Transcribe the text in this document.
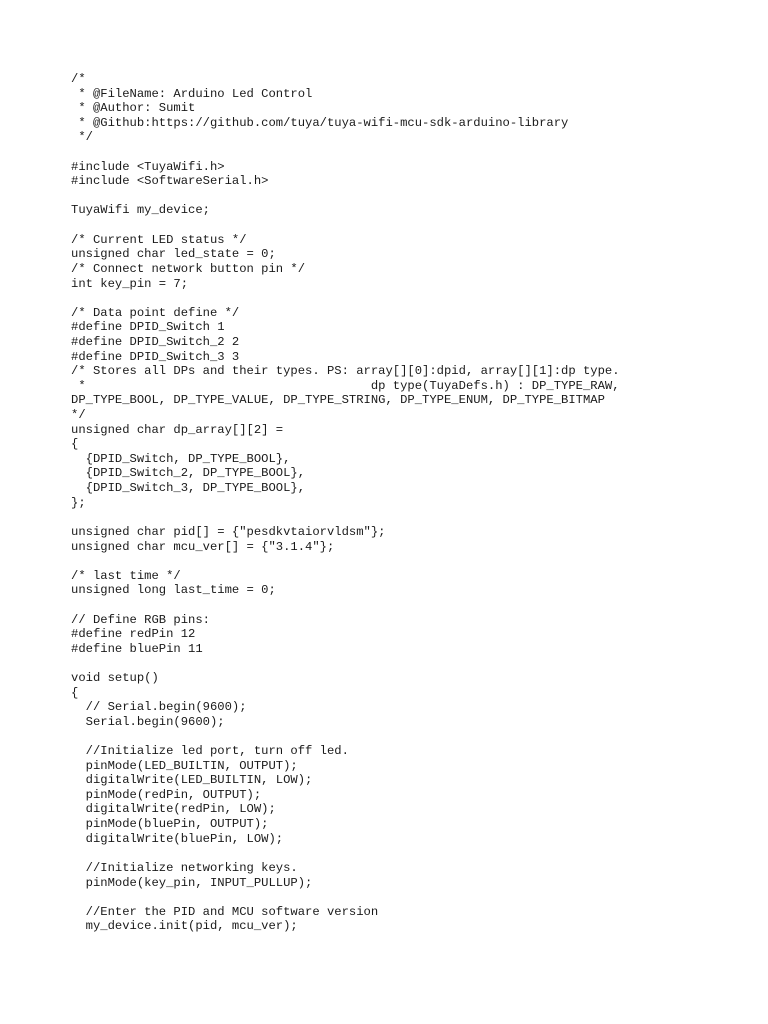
/*
* @FileName: Arduino Led Control
* @Author: Sumit
* @Github:https://github.com/tuya/tuya-wifi-mcu-sdk-arduino-library
*/
#include <TuyaWifi.h>
#include <SoftwareSerial.h>
TuyaWifi my_device;
/* Current LED status */
unsigned char led_state = 0;
/* Connect network button pin */
int key_pin = 7;
/* Data point define */
#define DPID_Switch 1
#define DPID_Switch_2 2
#define DPID_Switch_3 3
/* Stores all DPs and their types. PS: array[][0]:dpid, array[][1]:dp type.
*                                       dp type(TuyaDefs.h) : DP_TYPE_RAW,
DP_TYPE_BOOL, DP_TYPE_VALUE, DP_TYPE_STRING, DP_TYPE_ENUM, DP_TYPE_BITMAP
*/
unsigned char dp_array[][2] =
{
{DPID_Switch, DP_TYPE_BOOL},
{DPID_Switch_2, DP_TYPE_BOOL},
{DPID_Switch_3, DP_TYPE_BOOL},
};
unsigned char pid[] = {"pesdkvtaiorvldsm"};
unsigned char mcu_ver[] = {"3.1.4"};
/* last time */
unsigned long last_time = 0;
// Define RGB pins:
#define redPin 12
#define bluePin 11
void setup()
{
// Serial.begin(9600);
Serial.begin(9600);
//Initialize led port, turn off led.
pinMode(LED_BUILTIN, OUTPUT);
digitalWrite(LED_BUILTIN, LOW);
pinMode(redPin, OUTPUT);
digitalWrite(redPin, LOW);
pinMode(bluePin, OUTPUT);
digitalWrite(bluePin, LOW);
//Initialize networking keys.
pinMode(key_pin, INPUT_PULLUP);
//Enter the PID and MCU software version
my_device.init(pid, mcu_ver);
